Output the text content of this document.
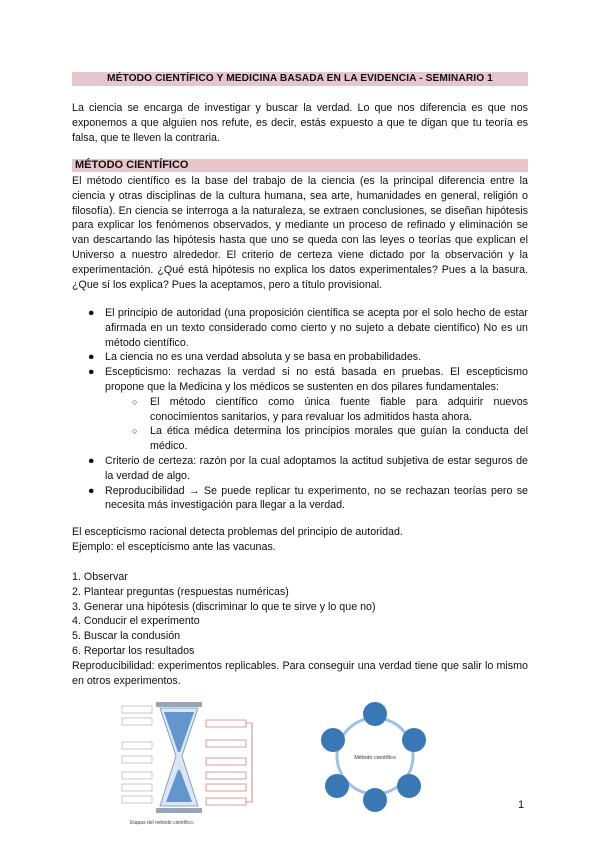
MÉTODO CIENTÍFICO Y MEDICINA BASADA EN LA EVIDENCIA - SEMINARIO 1
La ciencia se encarga de investigar y buscar la verdad. Lo que nos diferencia es que nos exponemos a que alguien nos refute, es decir, estás expuesto a que te digan que tu teoría es falsa, que te lleven la contraria.
MÉTODO CIENTÍFICO
El método científico es la base del trabajo de la ciencia (es la principal diferencia entre la ciencia y otras disciplinas de la cultura humana, sea arte, humanidades en general, religión o filosofía). En ciencia se interroga a la naturaleza, se extraen conclusiones, se diseñan hipótesis para explicar los fenómenos observados, y mediante un proceso de refinado y eliminación se van descartando las hipótesis hasta que uno se queda con las leyes o teorías que explican el Universo a nuestro alrededor. El criterio de certeza viene dictado por la observación y la experimentación. ¿Qué está hipótesis no explica los datos experimentales? Pues a la basura. ¿Que sí los explica? Pues la aceptamos, pero a título provisional.
● El principio de autoridad (una proposición científica se acepta por el solo hecho de estar afirmada en un texto considerado como cierto y no sujeto a debate científico) No es un método científico.
● La ciencia no es una verdad absoluta y se basa en probabilidades.
● Escepticismo: rechazas la verdad si no está basada en pruebas. El escepticismo propone que la Medicina y los médicos se sustenten en dos pilares fundamentales:
○ El método científico como única fuente fiable para adquirir nuevos conocimientos sanitarios, y para revaluar los admitidos hasta ahora.
○ La ética médica determina los principios morales que guían la conducta del médico.
● Criterio de certeza: razón por la cual adoptamos la actitud subjetiva de estar seguros de la verdad de algo.
● Reproducibilidad → Se puede replicar tu experimento, no se rechazan teorías pero se necesita más investigación para llegar a la verdad.
El escepticismo racional detecta problemas del principio de autoridad.
Ejemplo: el escepticismo ante las vacunas.
1. Observar
2. Plantear preguntas (respuestas numéricas)
3. Generar una hipótesis (discriminar lo que te sirve y lo que no)
4. Conducir el experimento
5. Buscar la condusión
6. Reportar los resultados
Reproducibilidad: experimentos replicables. Para conseguir una verdad tiene que salir lo mismo en otros experimentos.
Etapas del método científico.
Método científico
1
